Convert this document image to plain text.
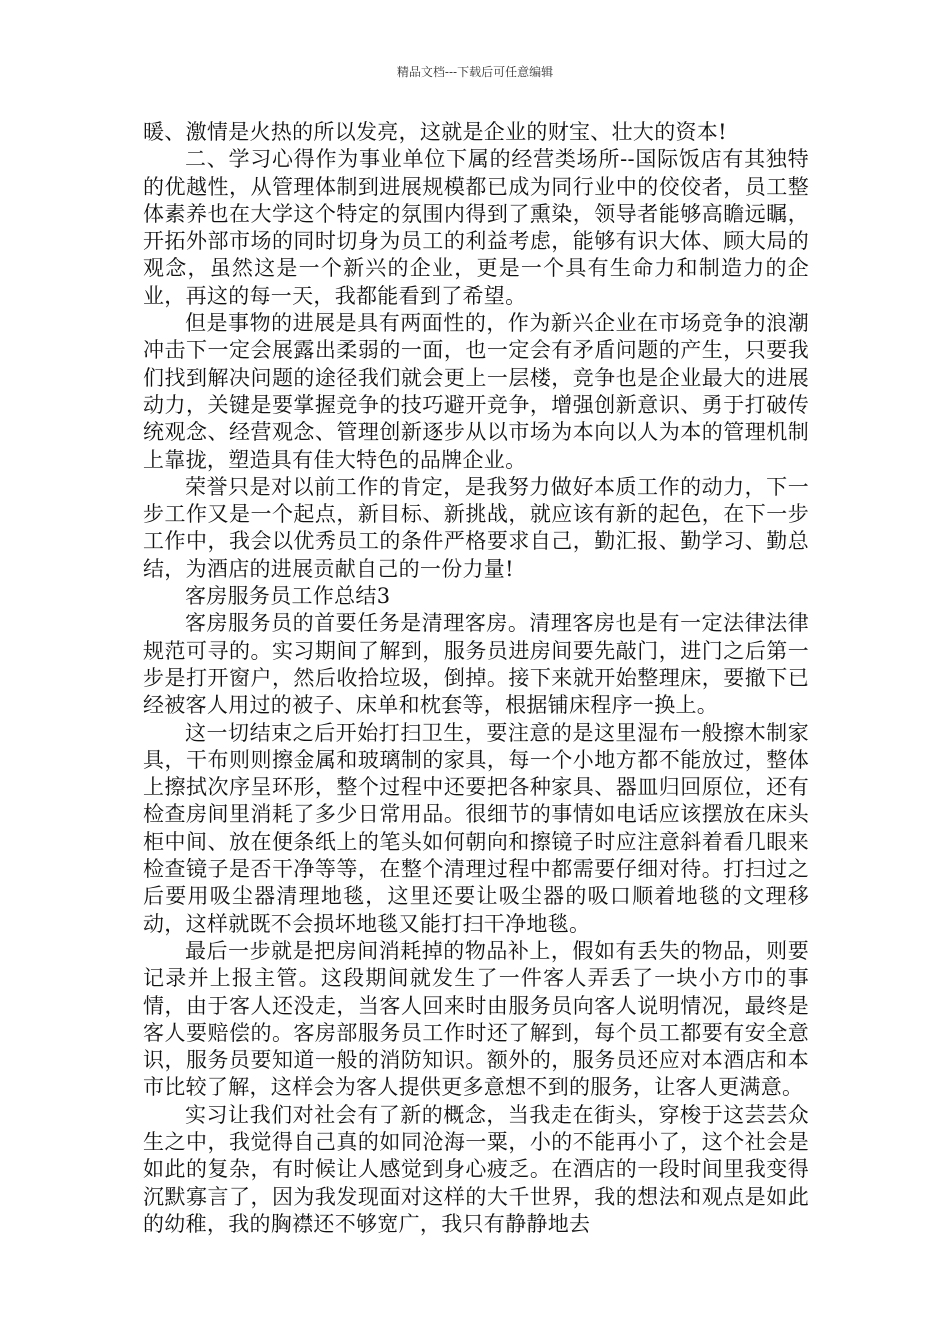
精品文档---下载后可任意编辑

暖、激情是火热的所以发亮，这就是企业的财宝、壮大的资本!

二、学习心得作为事业单位下属的经营类场所--国际饭店有其独特的优越性，从管理体制到进展规模都已成为同行业中的佼佼者，员工整体素养也在大学这个特定的氛围内得到了熏染，领导者能够高瞻远瞩，开拓外部市场的同时切身为员工的利益考虑，能够有识大体、顾大局的观念，虽然这是一个新兴的企业，更是一个具有生命力和制造力的企业，再这的每一天，我都能看到了希望。

但是事物的进展是具有两面性的，作为新兴企业在市场竞争的浪潮冲击下一定会展露出柔弱的一面，也一定会有矛盾问题的产生，只要我们找到解决问题的途径我们就会更上一层楼，竞争也是企业最大的进展动力，关键是要掌握竞争的技巧避开竞争，增强创新意识、勇于打破传统观念、经营观念、管理创新逐步从以市场为本向以人为本的管理机制上靠拢，塑造具有佳大特色的品牌企业。

荣誉只是对以前工作的肯定，是我努力做好本质工作的动力，下一步工作又是一个起点，新目标、新挑战，就应该有新的起色，在下一步工作中，我会以优秀员工的条件严格要求自己，勤汇报、勤学习、勤总结，为酒店的进展贡献自己的一份力量!

客房服务员工作总结3

客房服务员的首要任务是清理客房。清理客房也是有一定法律法律规范可寻的。实习期间了解到，服务员进房间要先敲门，进门之后第一步是打开窗户，然后收拾垃圾，倒掉。接下来就开始整理床，要撤下已经被客人用过的被子、床单和枕套等，根据铺床程序一换上。

这一切结束之后开始打扫卫生，要注意的是这里湿布一般擦木制家具，干布则则擦金属和玻璃制的家具，每一个小地方都不能放过，整体上擦拭次序呈环形，整个过程中还要把各种家具、器皿归回原位，还有检查房间里消耗了多少日常用品。很细节的事情如电话应该摆放在床头柜中间、放在便条纸上的笔头如何朝向和擦镜子时应注意斜着看几眼来检查镜子是否干净等等，在整个清理过程中都需要仔细对待。打扫过之后要用吸尘器清理地毯，这里还要让吸尘器的吸口顺着地毯的文理移动，这样就既不会损坏地毯又能打扫干净地毯。

最后一步就是把房间消耗掉的物品补上，假如有丢失的物品，则要记录并上报主管。这段期间就发生了一件客人弄丢了一块小方巾的事情，由于客人还没走，当客人回来时由服务员向客人说明情况，最终是客人要赔偿的。客房部服务员工作时还了解到，每个员工都要有安全意识，服务员要知道一般的消防知识。额外的，服务员还应对本酒店和本市比较了解，这样会为客人提供更多意想不到的服务，让客人更满意。

实习让我们对社会有了新的概念，当我走在街头，穿梭于这芸芸众生之中，我觉得自己真的如同沧海一粟，小的不能再小了，这个社会是如此的复杂，有时候让人感觉到身心疲乏。在酒店的一段时间里我变得沉默寡言了，因为我发现面对这样的大千世界，我的想法和观点是如此的幼稚，我的胸襟还不够宽广，我只有静静地去
